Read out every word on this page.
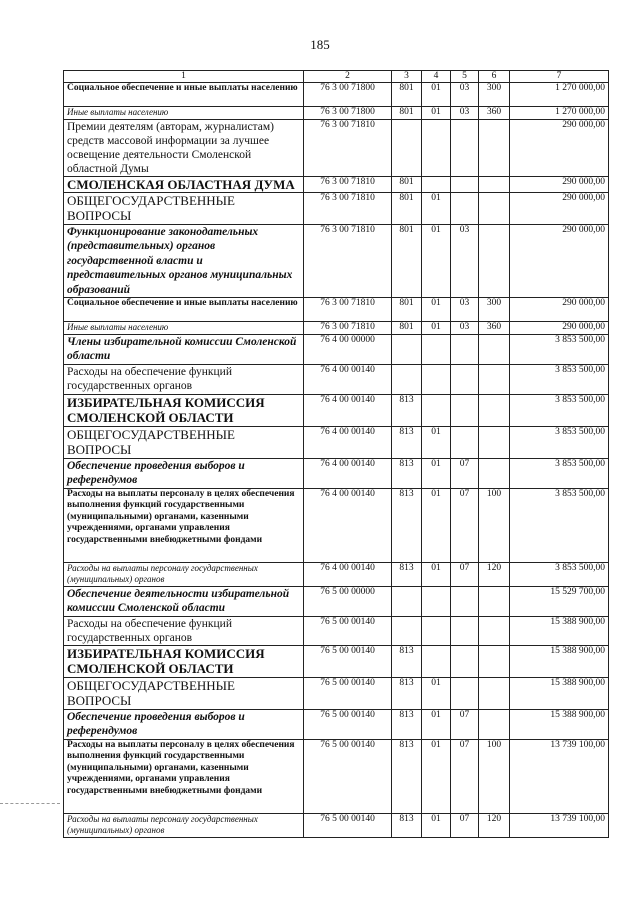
185
1	2	3	4	5	6	7
Социальное обеспечение и иные выплаты населению	76 3 00 71800	801	01	03	300	1 270 000,00
Иные выплаты населению	76 3 00 71800	801	01	03	360	1 270 000,00
Премии деятелям (авторам, журналистам) средств массовой информации за лучшее освещение деятельности Смоленской областной Думы	76 3 00 71810					290 000,00
СМОЛЕНСКАЯ ОБЛАСТНАЯ ДУМА	76 3 00 71810	801				290 000,00
ОБЩЕГОСУДАРСТВЕННЫЕ ВОПРОСЫ	76 3 00 71810	801	01			290 000,00
Функционирование законодательных (представительных) органов государственной власти и представительных органов муниципальных образований	76 3 00 71810	801	01	03		290 000,00
Социальное обеспечение и иные выплаты населению	76 3 00 71810	801	01	03	300	290 000,00
Иные выплаты населению	76 3 00 71810	801	01	03	360	290 000,00
Члены избирательной комиссии Смоленской области	76 4 00 00000					3 853 500,00
Расходы на обеспечение функций государственных органов	76 4 00 00140					3 853 500,00
ИЗБИРАТЕЛЬНАЯ КОМИССИЯ СМОЛЕНСКОЙ ОБЛАСТИ	76 4 00 00140	813				3 853 500,00
ОБЩЕГОСУДАРСТВЕННЫЕ ВОПРОСЫ	76 4 00 00140	813	01			3 853 500,00
Обеспечение проведения выборов и референдумов	76 4 00 00140	813	01	07		3 853 500,00
Расходы на выплаты персоналу в целях обеспечения выполнения функций государственными (муниципальными) органами, казенными учреждениями, органами управления государственными внебюджетными фондами	76 4 00 00140	813	01	07	100	3 853 500,00
Расходы на выплаты персоналу государственных (муниципальных) органов	76 4 00 00140	813	01	07	120	3 853 500,00
Обеспечение деятельности избирательной комиссии Смоленской области	76 5 00 00000					15 529 700,00
Расходы на обеспечение функций государственных органов	76 5 00 00140					15 388 900,00
ИЗБИРАТЕЛЬНАЯ КОМИССИЯ СМОЛЕНСКОЙ ОБЛАСТИ	76 5 00 00140	813				15 388 900,00
ОБЩЕГОСУДАРСТВЕННЫЕ ВОПРОСЫ	76 5 00 00140	813	01			15 388 900,00
Обеспечение проведения выборов и референдумов	76 5 00 00140	813	01	07		15 388 900,00
Расходы на выплаты персоналу в целях обеспечения выполнения функций государственными (муниципальными) органами, казенными учреждениями, органами управления государственными внебюджетными фондами	76 5 00 00140	813	01	07	100	13 739 100,00
Расходы на выплаты персоналу государственных (муниципальных) органов	76 5 00 00140	813	01	07	120	13 739 100,00
